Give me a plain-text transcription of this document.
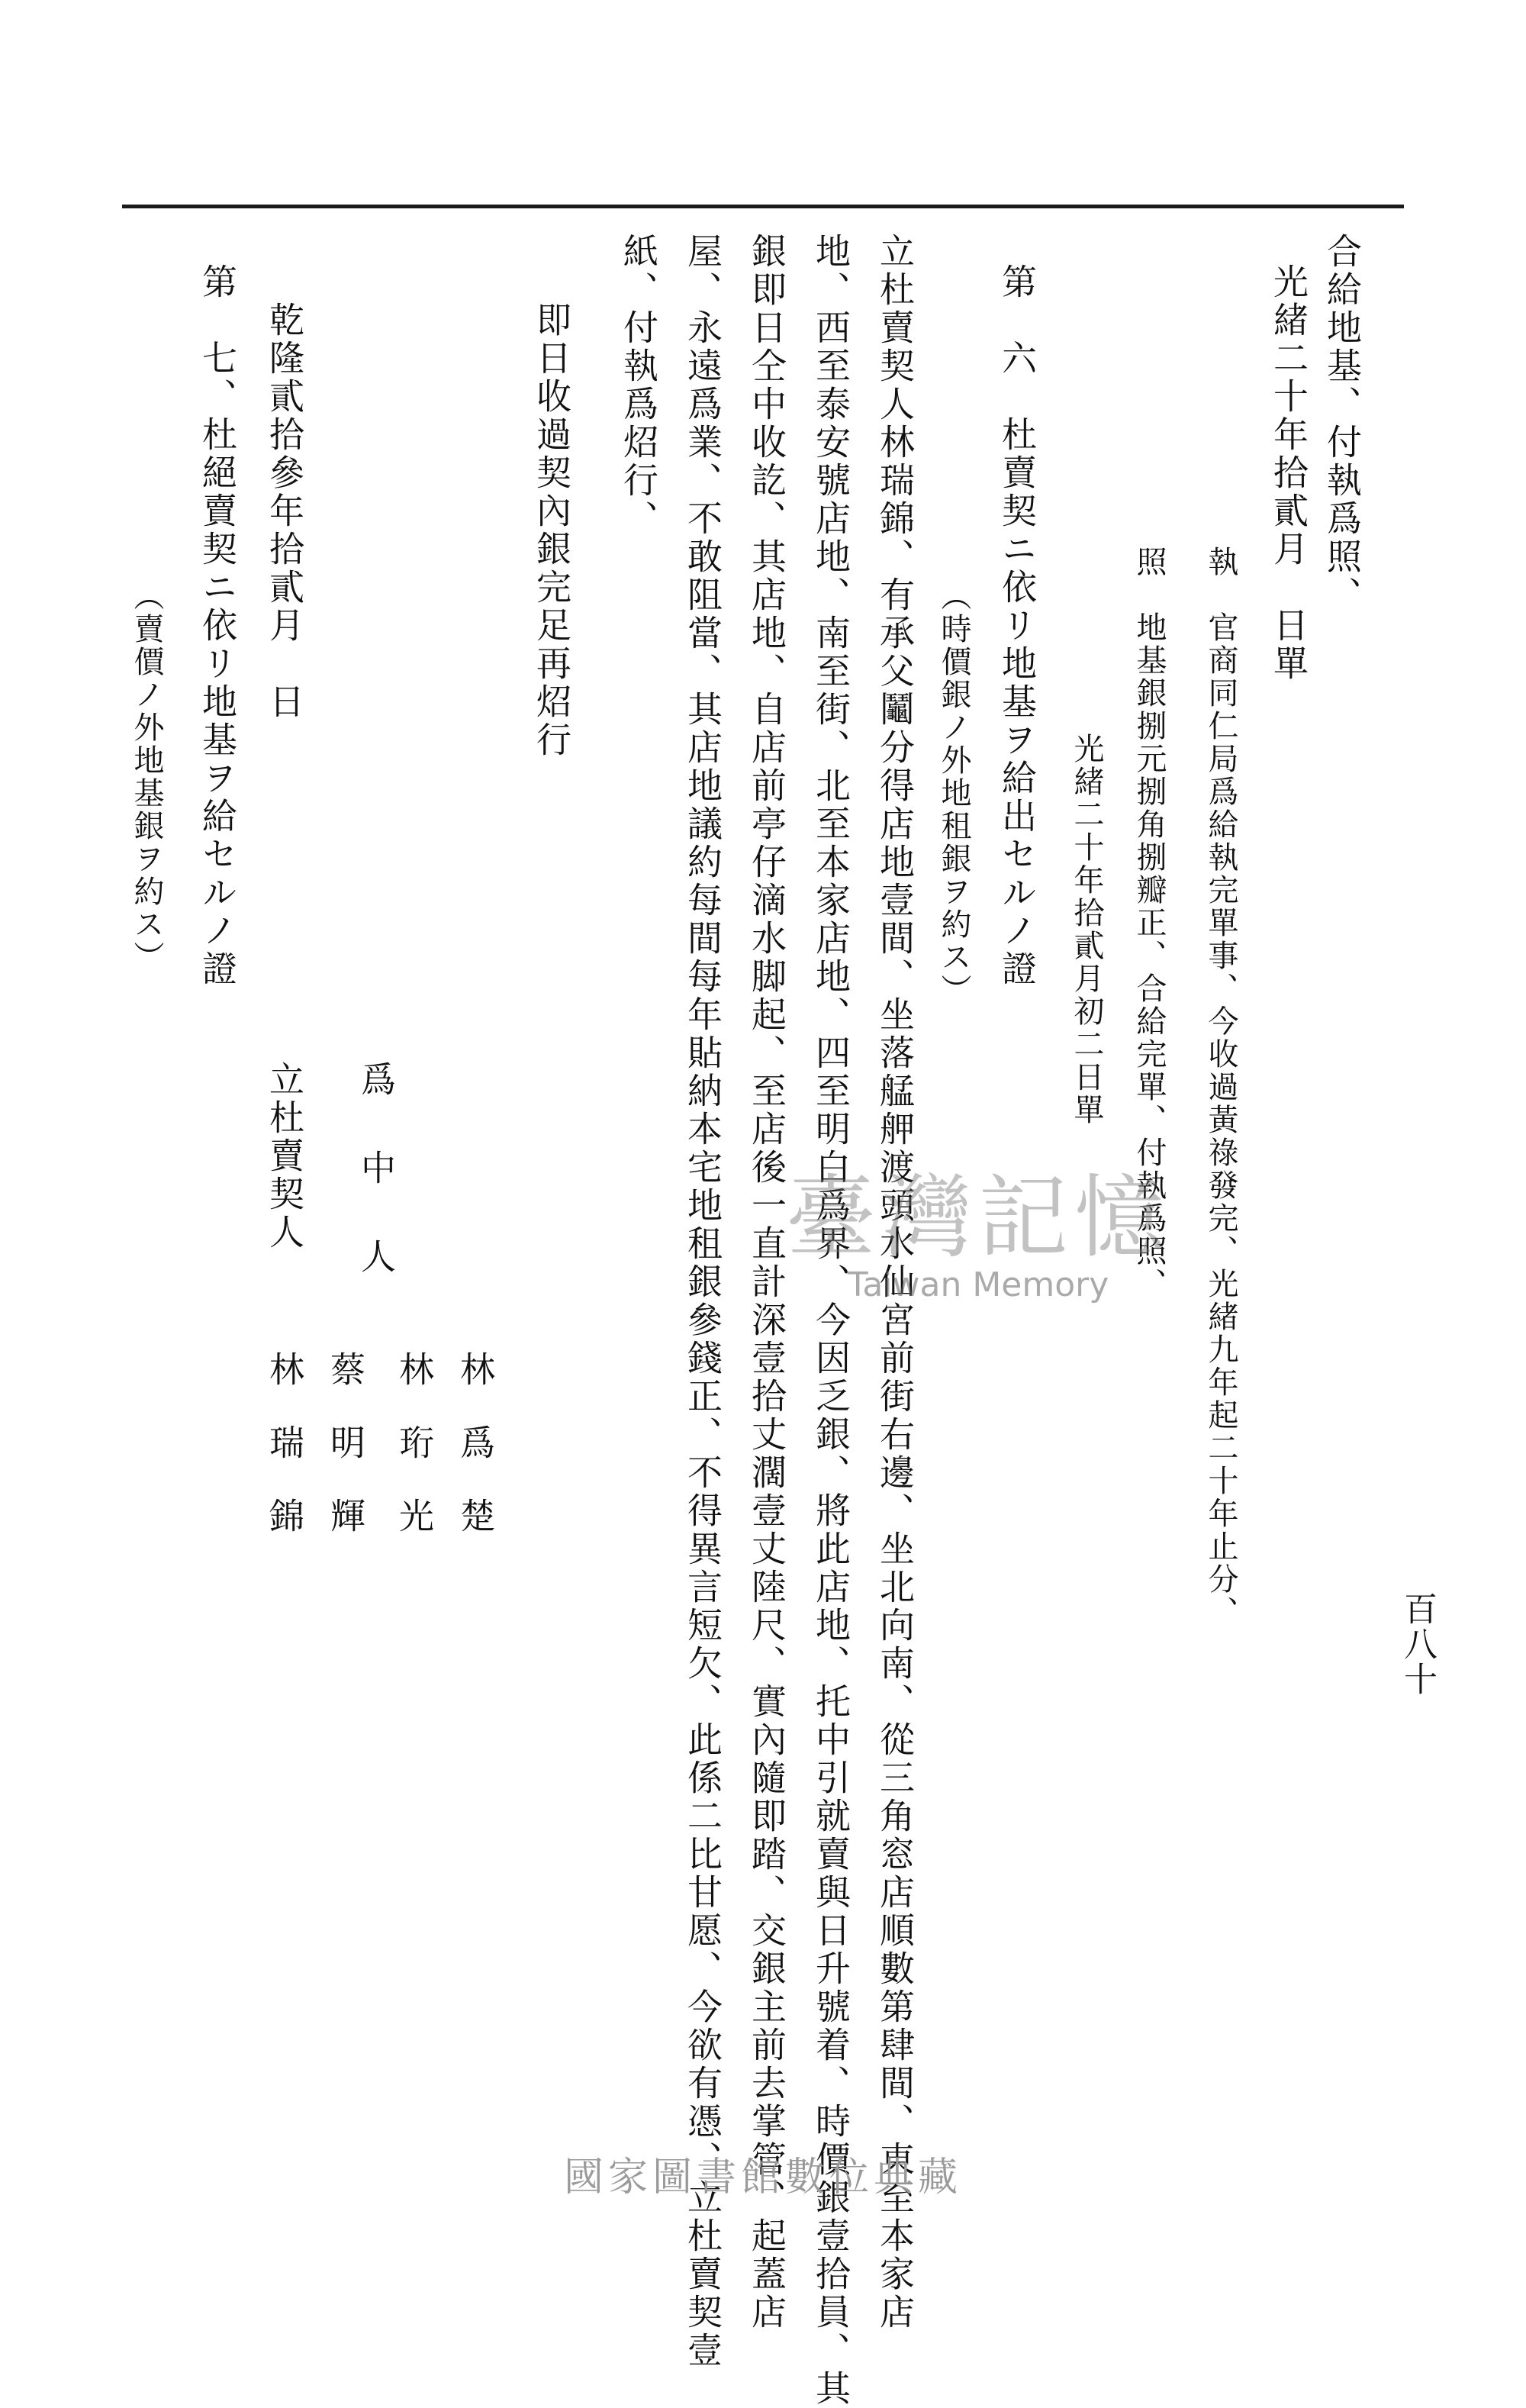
百八十

合給地基、付執爲照、

光緒二十年拾貳月　日單

執　官商同仁局爲給執完單事、今收過黃祿發完、光緒九年起二十年止分、

照　地基銀捌元捌角捌瓣正、合給完單、付執爲照、

光緒二十年拾貳月初二日單

第　六　杜賣契ニ依リ地基ヲ給出セルノ證

（時價銀ノ外地租銀ヲ約ス）

立杜賣契人林瑞錦、有承父鬮分得店地壹間、坐落艋舺渡頭水仙宮前街右邊、坐北向南、從三角窓店順數第肆間、東至本家店

地、西至泰安號店地、南至街、北至本家店地、四至明白爲界、今因乏銀、將此店地、托中引就賣與日升號着、時價銀壹拾員、其

銀即日仝中收訖、其店地、自店前亭仔滴水脚起、至店後一直計深壹拾丈濶壹丈陸尺、實內隨即踏、交銀主前去掌管、起蓋店

屋、永遠爲業、不敢阻當、其店地議約每間每年貼納本宅地租銀參錢正、不得異言短欠、此係二比甘愿、今欲有憑、立杜賣契壹

紙、付執爲炤行、

即日收過契內銀完足再炤行

林爲楚

林珩光

蔡明輝

爲中人

立杜賣契人

林瑞錦

乾隆貳拾參年拾貳月　日

第　七、杜絕賣契ニ依リ地基ヲ給セルノ證

（賣價ノ外地基銀ヲ約ス）

臺灣記憶
Taiwan Memory
國家圖書館數位典藏
